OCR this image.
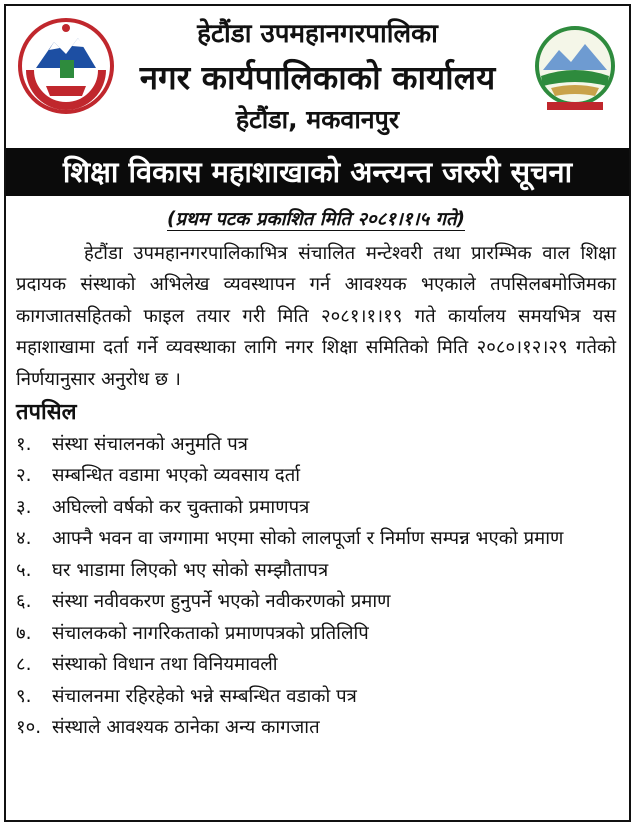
हेटौंडा उपमहानगरपालिका
नगर कार्यपालिकाको कार्यालय
हेटौंडा, मकवानपुर
शिक्षा विकास महाशाखाको अन्त्यन्त जरुरी सूचना
(प्रथम पटक प्रकाशित मिति २०८१।१।५ गते)

हेटौंडा उपमहानगरपालिकाभित्र संचालित मन्टेश्वरी तथा प्रारम्भिक वाल शिक्षा प्रदायक संस्थाको अभिलेख व्यवस्थापन गर्न आवश्यक भएकाले तपसिलबमोजिमका कागजातसहितको फाइल तयार गरी मिति २०८१।१।१९ गते कार्यालय समयभित्र यस महाशाखामा दर्ता गर्ने व्यवस्थाका लागि नगर शिक्षा समितिको मिति २०८०।१२।२९ गतेको निर्णयानुसार अनुरोध छ ।

तपसिल
१.	संस्था संचालनको अनुमति पत्र
२.	सम्बन्धित वडामा भएको व्यवसाय दर्ता
३.	अघिल्लो वर्षको कर चुक्ताको प्रमाणपत्र
४.	आफ्नै भवन वा जग्गामा भएमा सोको लालपूर्जा र निर्माण सम्पन्न भएको प्रमाण
५.	घर भाडामा लिएको भए सोको सम्झौतापत्र
६.	संस्था नवीवकरण हुनुपर्ने भएको नवीकरणको प्रमाण
७.	संचालकको नागरिकताको प्रमाणपत्रको प्रतिलिपि
८.	संस्थाको विधान तथा विनियमावली
९.	संचालनमा रहिरहेको भन्ने सम्बन्धित वडाको पत्र
१०. संस्थाले आवश्यक ठानेका अन्य कागजात
